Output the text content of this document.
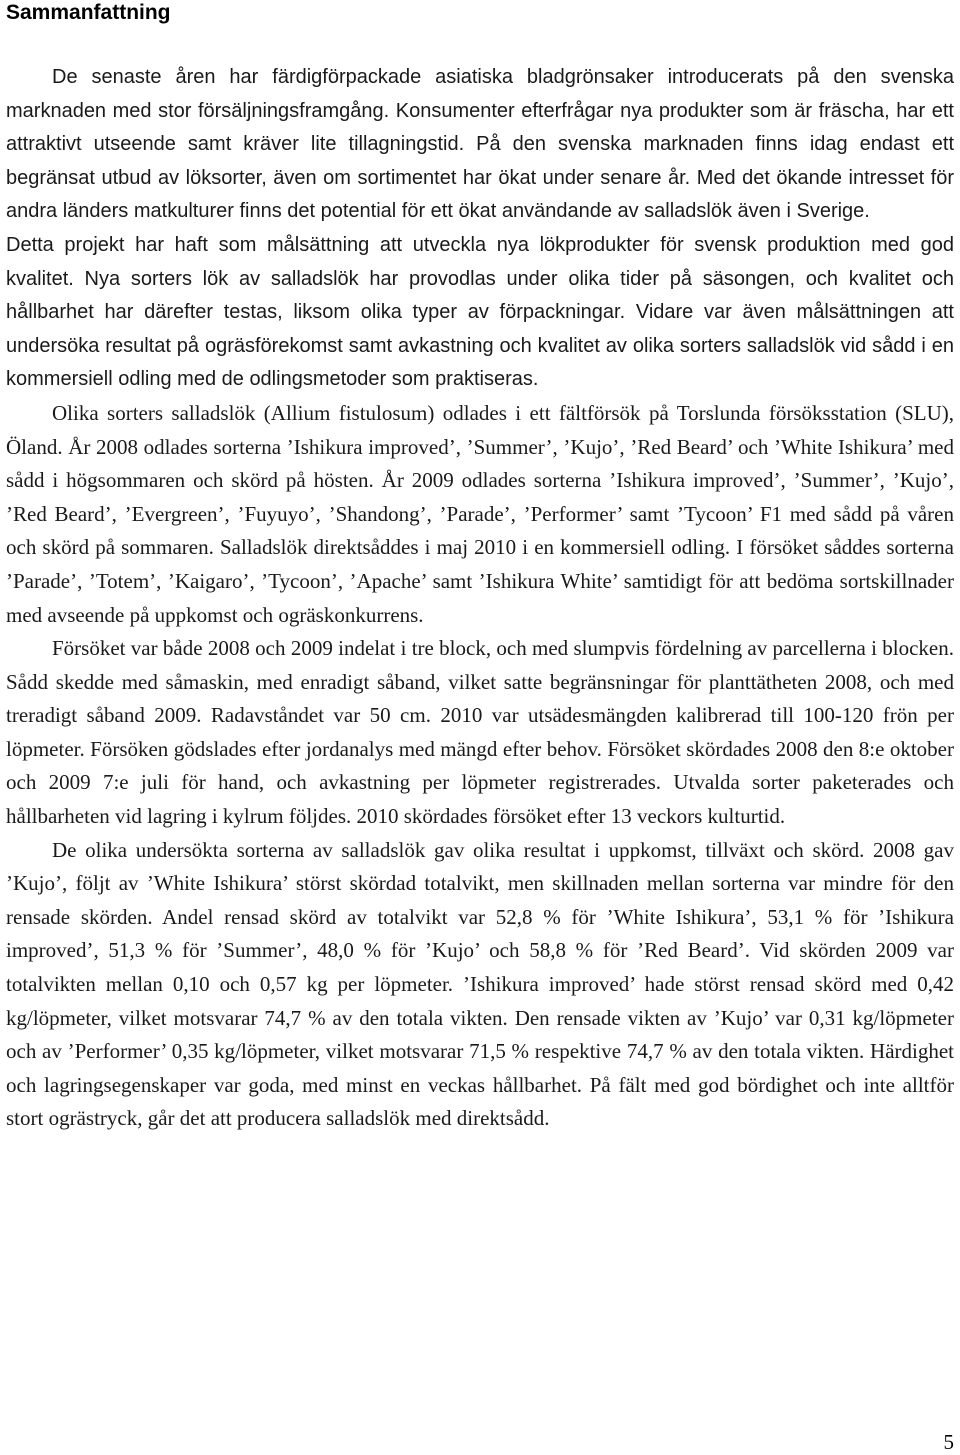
Sammanfattning

De senaste åren har färdigförpackade asiatiska bladgrönsaker introducerats på den svenska marknaden med stor försäljningsframgång. Konsumenter efterfrågar nya produkter som är fräscha, har ett attraktivt utseende samt kräver lite tillagningstid. På den svenska marknaden finns idag endast ett begränsat utbud av löksorter, även om sortimentet har ökat under senare år. Med det ökande intresset för andra länders matkulturer finns det potential för ett ökat användande av salladslök även i Sverige.

Detta projekt har haft som målsättning att utveckla nya lökprodukter för svensk produktion med god kvalitet. Nya sorters lök av salladslök har provodlas under olika tider på säsongen, och kvalitet och hållbarhet har därefter testas, liksom olika typer av förpackningar. Vidare var även målsättningen att undersöka resultat på ogräsförekomst samt avkastning och kvalitet av olika sorters salladslök vid sådd i en kommersiell odling med de odlingsmetoder som praktiseras.

Olika sorters salladslök (Allium fistulosum) odlades i ett fältförsök på Torslunda försöksstation (SLU), Öland. År 2008 odlades sorterna ’Ishikura improved’, ’Summer’, ’Kujo’, ’Red Beard’ och ’White Ishikura’ med sådd i högsommaren och skörd på hösten. År 2009 odlades sorterna ’Ishikura improved’, ’Summer’, ’Kujo’, ’Red Beard’, ’Evergreen’, ’Fuyuyo’, ’Shandong’, ’Parade’, ’Performer’ samt ’Tycoon’ F1 med sådd på våren och skörd på sommaren. Salladslök direktsåddes i maj 2010 i en kommersiell odling. I försöket såddes sorterna ’Parade’, ’Totem’, ’Kaigaro’, ’Tycoon’, ’Apache’ samt ’Ishikura White’ samtidigt för att bedöma sortskillnader med avseende på uppkomst och ogräskonkurrens.

Försöket var både 2008 och 2009 indelat i tre block, och med slumpvis fördelning av parcellerna i blocken. Sådd skedde med såmaskin, med enradigt såband, vilket satte begränsningar för planttätheten 2008, och med treradigt såband 2009. Radavståndet var 50 cm. 2010 var utsädesmängden kalibrerad till 100-120 frön per löpmeter. Försöken gödslades efter jordanalys med mängd efter behov. Försöket skördades 2008 den 8:e oktober och 2009 7:e juli för hand, och avkastning per löpmeter registrerades. Utvalda sorter paketerades och hållbarheten vid lagring i kylrum följdes. 2010 skördades försöket efter 13 veckors kulturtid.

De olika undersökta sorterna av salladslök gav olika resultat i uppkomst, tillväxt och skörd. 2008 gav ’Kujo’, följt av ’White Ishikura’ störst skördad totalvikt, men skillnaden mellan sorterna var mindre för den rensade skörden. Andel rensad skörd av totalvikt var 52,8 % för ’White Ishikura’, 53,1 % för ’Ishikura improved’, 51,3 % för ’Summer’, 48,0 % för ’Kujo’ och 58,8 % för ’Red Beard’. Vid skörden 2009 var totalvikten mellan 0,10 och 0,57 kg per löpmeter. ’Ishikura improved’ hade störst rensad skörd med 0,42 kg/löpmeter, vilket motsvarar 74,7 % av den totala vikten. Den rensade vikten av ’Kujo’ var 0,31 kg/löpmeter och av ’Performer’ 0,35 kg/löpmeter, vilket motsvarar 71,5 % respektive 74,7 % av den totala vikten. Härdighet och lagringsegenskaper var goda, med minst en veckas hållbarhet. På fält med god bördighet och inte alltför stort ogrästryck, går det att producera salladslök med direktsådd.

5
